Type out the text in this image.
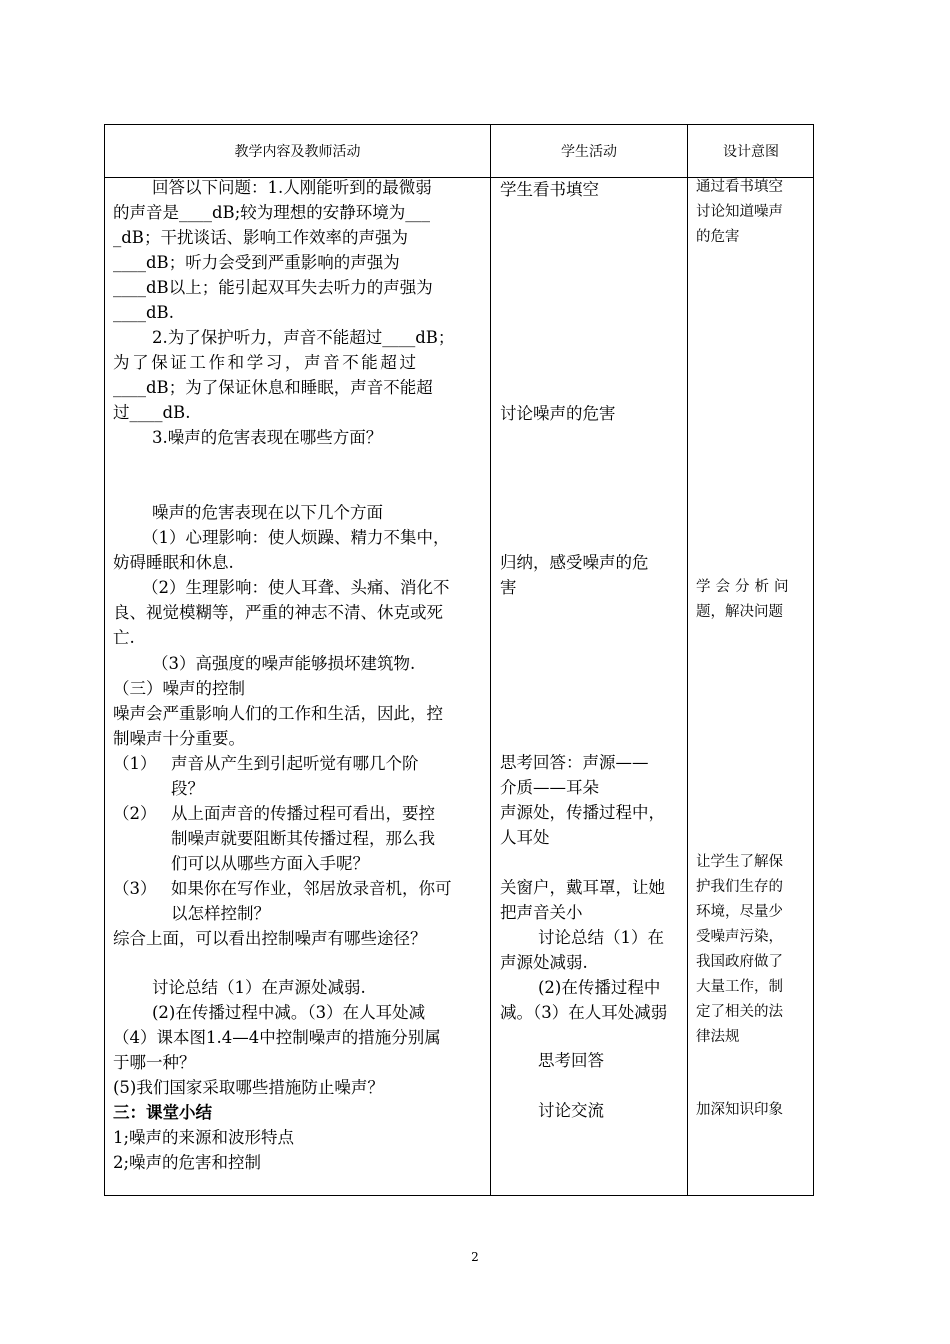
教学内容及教师活动	学生活动	设计意图
回答以下问题：1.人刚能听到的最微弱
的声音是____dB;较为理想的安静环境为___
_dB；干扰谈话、影响工作效率的声强为
____dB；听力会受到严重影响的声强为
____dB以上；能引起双耳失去听力的声强为
____dB.
2.为了保护听力，声音不能超过____dB；
为了保证工作和学习，声音不能超过
____dB；为了保证休息和睡眠，声音不能超
过____dB.
3.噪声的危害表现在哪些方面？
噪声的危害表现在以下几个方面
（1）心理影响：使人烦躁、精力不集中，
妨碍睡眠和休息.
（2）生理影响：使人耳聋、头痛、消化不
良、视觉模糊等，严重的神志不清、休克或死
亡.
（3）高强度的噪声能够损坏建筑物.
（三）噪声的控制
噪声会严重影响人们的工作和生活，因此，控
制噪声十分重要。
（1） 声音从产生到引起听觉有哪几个阶
段？
（2） 从上面声音的传播过程可看出，要控
制噪声就要阻断其传播过程，那么我
们可以从哪些方面入手呢？
（3） 如果你在写作业，邻居放录音机，你可
以怎样控制？
综合上面，可以看出控制噪声有哪些途径？
讨论总结（1）在声源处减弱.
(2)在传播过程中减。（3）在人耳处减
（4）课本图1.4—4中控制噪声的措施分别属
于哪一种？
(5)我们国家采取哪些措施防止噪声？
三：课堂小结
1;噪声的来源和波形特点
2;噪声的危害和控制
学生看书填空
讨论噪声的危害
归纳，感受噪声的危
害
思考回答：声源——
介质——耳朵
声源处，传播过程中，
人耳处
关窗户，戴耳罩，让她
把声音关小
讨论总结（1）在
声源处减弱.
(2)在传播过程中
减。（3）在人耳处减弱
思考回答
讨论交流
通过看书填空
讨论知道噪声
的危害
学会分析问
题，解决问题
让学生了解保
护我们生存的
环境，尽量少
受噪声污染，
我国政府做了
大量工作，制
定了相关的法
律法规
加深知识印象
2
